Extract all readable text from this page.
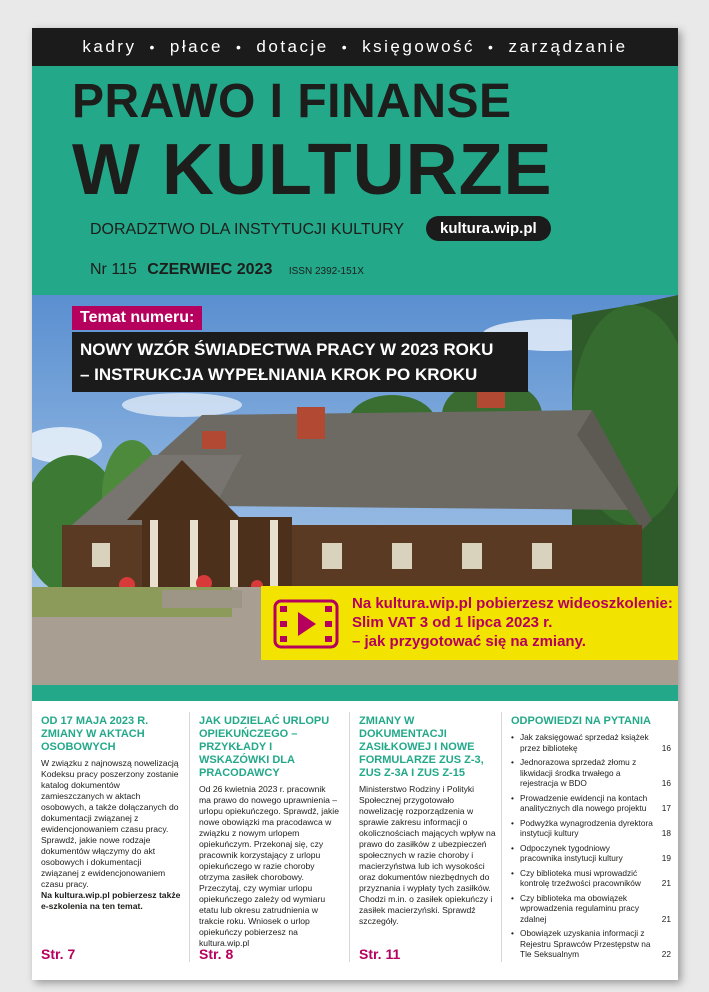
kadry • płace • dotacje • księgowość • zarządzanie
PRAWO I FINANSE
W KULTURZE
DORADZTWO DLA INSTYTUCJI KULTURY	kultura.wip.pl
Nr 115 CZERWIEC 2023 ISSN 2392-151X
Temat numeru:
NOWY WZÓR ŚWIADECTWA PRACY W 2023 ROKU
– INSTRUKCJA WYPEŁNIANIA KROK PO KROKU
Na kultura.wip.pl pobierzesz wideoszkolenie:
Slim VAT 3 od 1 lipca 2023 r.
– jak przygotować się na zmiany.
OD 17 MAJA 2023 R. ZMIANY W AKTACH OSOBOWYCH

W związku z najnowszą nowelizacją Kodeksu pracy poszerzony zostanie katalog dokumentów zamieszczanych w aktach osobowych, a także dołączanych do dokumentacji związanej z ewidencjonowaniem czasu pracy. Sprawdź, jakie nowe rodzaje dokumentów włączymy do akt osobowych i dokumentacji związanej z ewidencjonowaniem czasu pracy.

Na kultura.wip.pl pobierzesz także e-szkolenia na ten temat.

Str. 7
JAK UDZIELAĆ URLOPU OPIEKUŃCZEGO – PRZYKŁADY I WSKAZÓWKI DLA PRACODAWCY

Od 26 kwietnia 2023 r. pracownik ma prawo do nowego uprawnienia – urlopu opiekuńczego. Sprawdź, jakie nowe obowiązki ma pracodawca w związku z nowym urlopem opiekuńczym. Przekonaj się, czy pracownik korzystający z urlopu opiekuńczego w razie choroby otrzyma zasiłek chorobowy. Przeczytaj, czy wymiar urlopu opiekuńczego zależy od wymiaru etatu lub okresu zatrudnienia w trakcie roku. Wniosek o urlop opiekuńczy pobierzesz na kultura.wip.pl

Str. 8
ZMIANY W DOKUMENTACJI ZASIŁKOWEJ I NOWE FORMULARZE ZUS Z-3, ZUS Z-3A I ZUS Z-15

Ministerstwo Rodziny i Polityki Społecznej przygotowało nowelizację rozporządzenia w sprawie zakresu informacji o okolicznościach mających wpływ na prawo do zasiłków z ubezpieczeń społecznych w razie choroby i macierzyństwa lub ich wysokości oraz dokumentów niezbędnych do przyznania i wypłaty tych zasiłków. Chodzi m.in. o zasiłek opiekuńczy i zasiłek macierzyński. Sprawdź szczegóły.

Str. 11
ODPOWIEDZI NA PYTANIA
• Jak zaksięgować sprzedaż książek przez bibliotekę	16
• Jednorazowa sprzedaż złomu z likwidacji środka trwałego a rejestracja w BDO	16
• Prowadzenie ewidencji na kontach analitycznych dla nowego projektu	17
• Podwyżka wynagrodzenia dyrektora instytucji kultury	18
• Odpoczynek tygodniowy pracownika instytucji kultury	19
• Czy biblioteka musi wprowadzić kontrolę trzeźwości pracowników	21
• Czy biblioteka ma obowiązek wprowadzenia regulaminu pracy zdalnej	21
• Obowiązek uzyskania informacji z Rejestru Sprawców Przestępstw na Tle Seksualnym	22
